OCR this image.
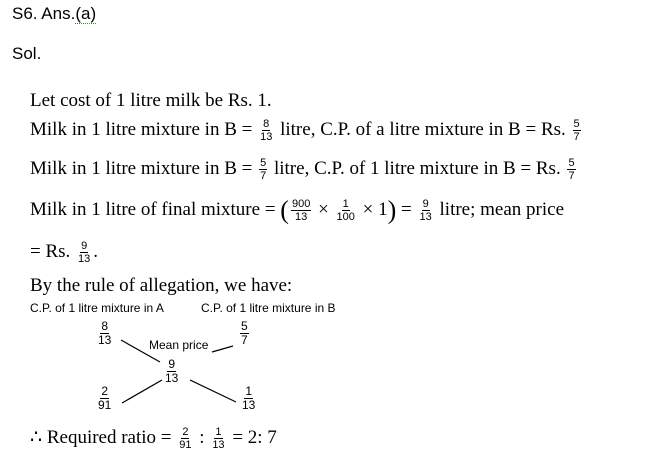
S6. Ans.(a)
Sol.
Let cost of 1 litre milk be Rs. 1.
Milk in 1 litre mixture in $B = \frac{8}{13}$ litre, C.P. of a litre mixture in B = Rs. $\frac{5}{7}$
Milk in 1 litre mixture in $B = \frac{5}{7}$ litre, C.P. of 1 litre mixture in B = Rs. $\frac{5}{7}$
Milk in 1 litre of final mixture = ( $\frac{900}{13} \times \frac{1}{100} \times 1) = \frac{9}{13}$ litre; mean price
= Rs. $\frac{9}{13}$ .
By the rule of allegation, we have:
C.P. of 1 litre mixture in A	C.P. of 1 litre mixture in B
$\frac{8}{13}$	$\frac{5}{7}$
Mean price
$\frac{9}{13}$
$\frac{2}{91}$	$\frac{1}{13}$
∴ Required ratio = $\frac{2}{91}$ : $\frac{1}{13} = 2$: 7
